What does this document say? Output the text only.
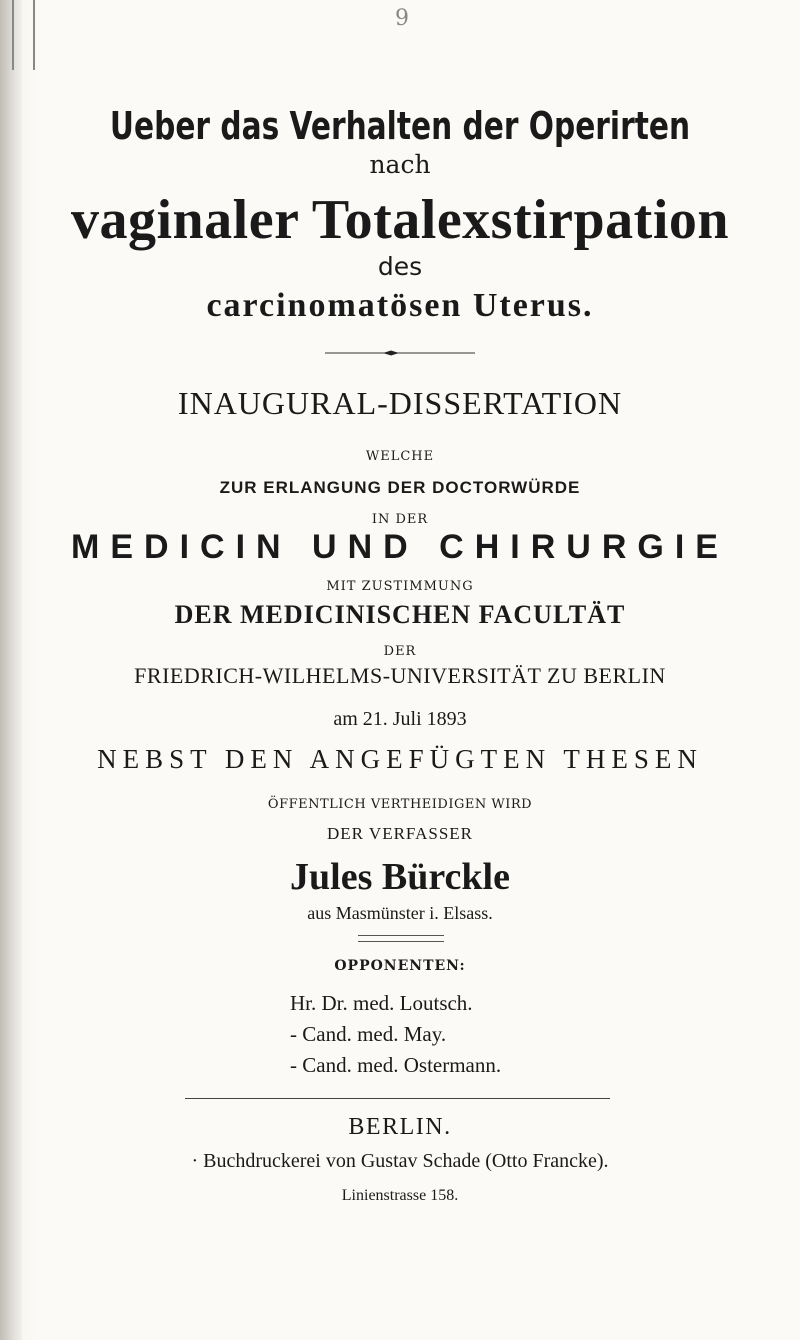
9
Ueber das Verhalten der Operirten
nach
vaginaler Totalexstirpation
des
carcinomatösen Uterus.
INAUGURAL-DISSERTATION
WELCHE
ZUR ERLANGUNG DER DOCTORWÜRDE
IN DER
MEDICIN UND CHIRURGIE
MIT ZUSTIMMUNG
DER MEDICINISCHEN FACULTÄT
DER
FRIEDRICH-WILHELMS-UNIVERSITÄT ZU BERLIN
am 21. Juli 1893
NEBST DEN ANGEFÜGTEN THESEN
ÖFFENTLICH VERTHEIDIGEN WIRD
DER VERFASSER
Jules Bürckle
aus Masmünster i. Elsass.
OPPONENTEN:
Hr. Dr. med. Loutsch.
- Cand. med. May.
- Cand. med. Ostermann.
BERLIN.
· Buchdruckerei von Gustav Schade (Otto Francke).
Linienstrasse 158.
